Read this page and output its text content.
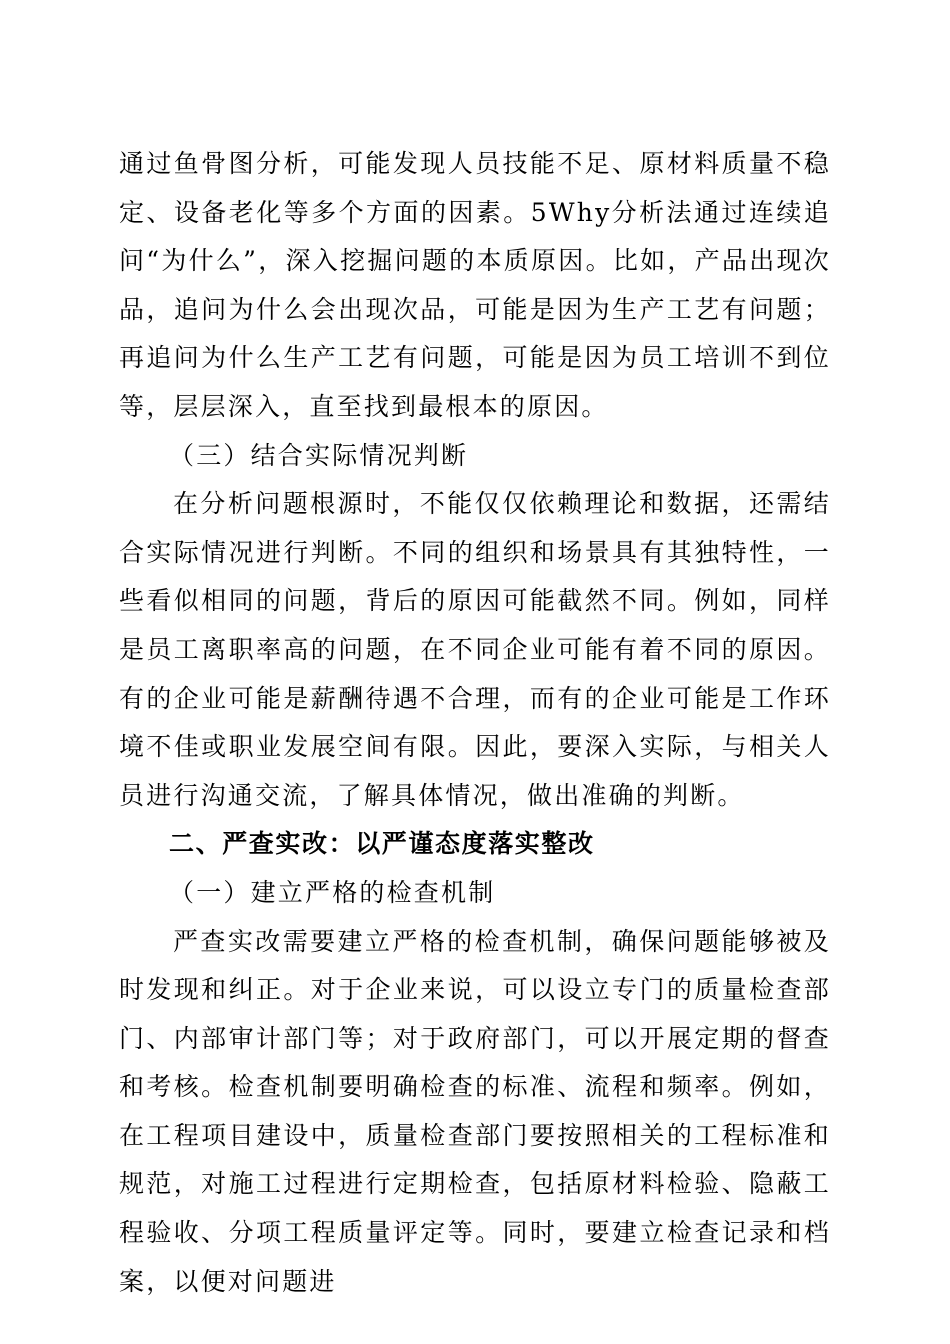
通过鱼骨图分析，可能发现人员技能不足、原材料质量不稳定、设备老化等多个方面的因素。5Why分析法通过连续追问“为什么”，深入挖掘问题的本质原因。比如，产品出现次品，追问为什么会出现次品，可能是因为生产工艺有问题；再追问为什么生产工艺有问题，可能是因为员工培训不到位等，层层深入，直至找到最根本的原因。

（三）结合实际情况判断

在分析问题根源时，不能仅仅依赖理论和数据，还需结合实际情况进行判断。不同的组织和场景具有其独特性，一些看似相同的问题，背后的原因可能截然不同。例如，同样是员工离职率高的问题，在不同企业可能有着不同的原因。有的企业可能是薪酬待遇不合理，而有的企业可能是工作环境不佳或职业发展空间有限。因此，要深入实际，与相关人员进行沟通交流，了解具体情况，做出准确的判断。

二、严查实改：以严谨态度落实整改

（一）建立严格的检查机制

严查实改需要建立严格的检查机制，确保问题能够被及时发现和纠正。对于企业来说，可以设立专门的质量检查部门、内部审计部门等；对于政府部门，可以开展定期的督查和考核。检查机制要明确检查的标准、流程和频率。例如，在工程项目建设中，质量检查部门要按照相关的工程标准和规范，对施工过程进行定期检查，包括原材料检验、隐蔽工程验收、分项工程质量评定等。同时，要建立检查记录和档案，以便对问题进
